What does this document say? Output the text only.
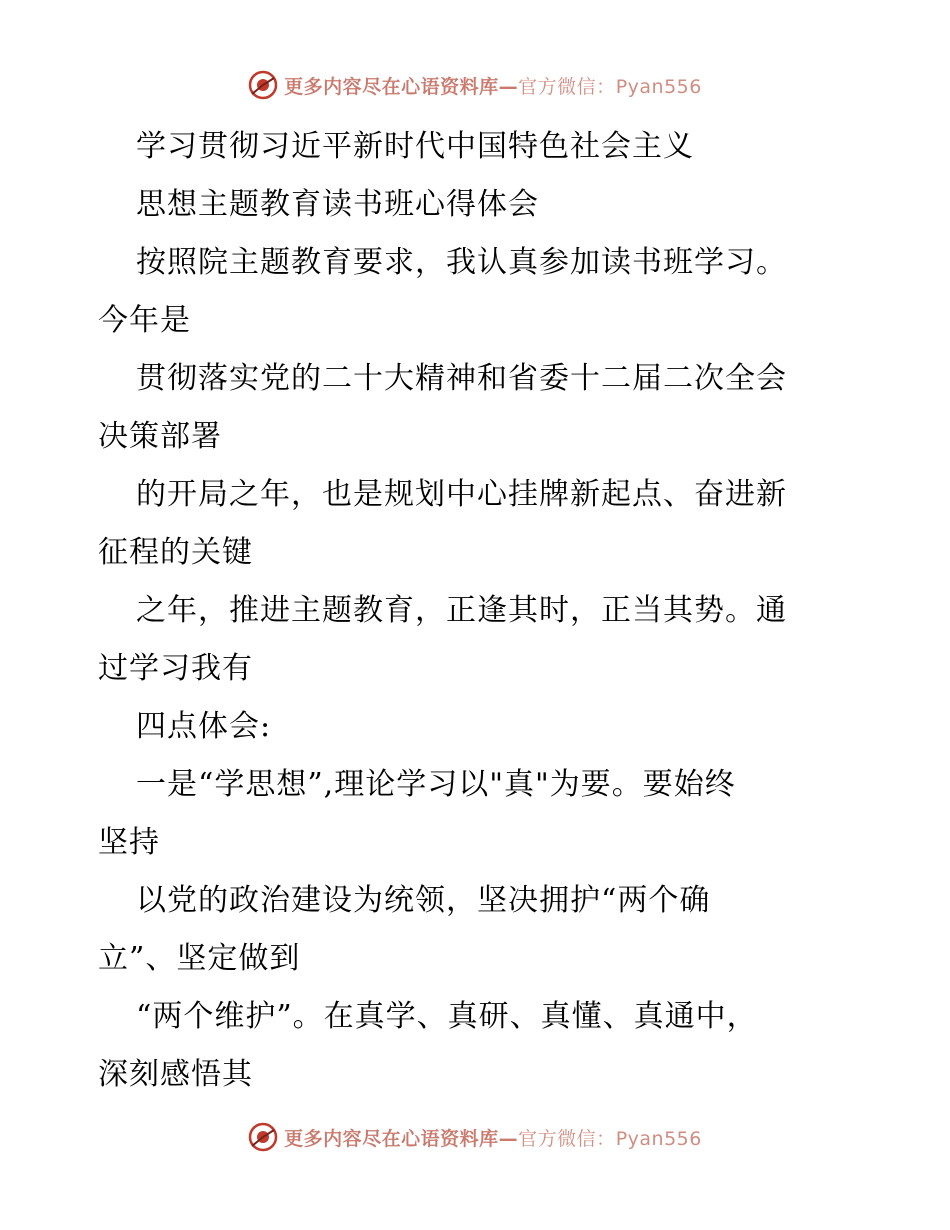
更多内容尽在心语资料库—官方微信：Pyan556
学习贯彻习近平新时代中国特色社会主义
思想主题教育读书班心得体会
按照院主题教育要求，我认真参加读书班学习。
今年是
贯彻落实党的二十大精神和省委十二届二次全会
决策部署
的开局之年，也是规划中心挂牌新起点、奋进新
征程的关键
之年，推进主题教育，正逢其时，正当其势。通
过学习我有
四点体会:
一是“学思想”,理论学习以"真"为要。要始终
坚持
以党的政治建设为统领，坚决拥护“两个确
立”、坚定做到
“两个维护”。在真学、真研、真懂、真通中，
深刻感悟其
更多内容尽在心语资料库—官方微信：Pyan556
